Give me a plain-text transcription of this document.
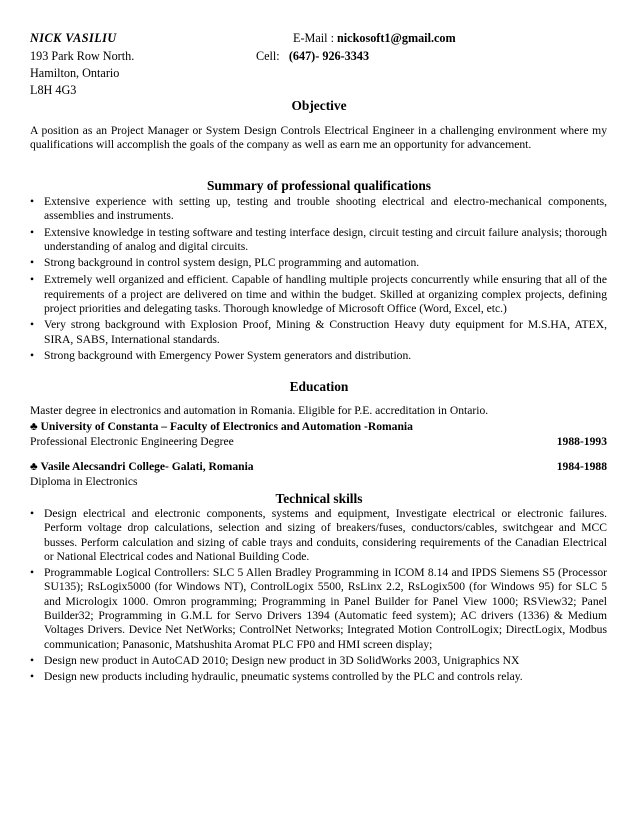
NICK VASILIU	E-Mail : nickosoft1@gmail.com
193 Park Row North.	Cell: (647)- 926-3343
Hamilton, Ontario
L8H 4G3
Objective
A position as an Project Manager or System Design Controls Electrical Engineer in a challenging environment where my qualifications will accomplish the goals of the company as well as earn me an opportunity for advancement.
Summary of professional qualifications
• Extensive experience with setting up, testing and trouble shooting electrical and electro-mechanical components, assemblies and instruments.
• Extensive knowledge in testing software and testing interface design, circuit testing and circuit failure analysis; thorough understanding of analog and digital circuits.
• Strong background in control system design, PLC programming and automation.
• Extremely well organized and efficient. Capable of handling multiple projects concurrently while ensuring that all of the requirements of a project are delivered on time and within the budget. Skilled at organizing complex projects, defining project priorities and delegating tasks. Thorough knowledge of Microsoft Office (Word, Excel, etc.)
• Very strong background with Explosion Proof, Mining & Construction Heavy duty equipment for M.S.HA, ATEX, SIRA, SABS, International standards.
• Strong background with Emergency Power System generators and distribution.
Education
Master degree in electronics and automation in Romania. Eligible for P.E. accreditation in Ontario.
♣ University of Constanta – Faculty of Electronics and Automation -Romania
Professional Electronic Engineering Degree	1988-1993
♣ Vasile Alecsandri College- Galati, Romania	1984-1988
Diploma in Electronics
Technical skills
• Design electrical and electronic components, systems and equipment, Investigate electrical or electronic failures. Perform voltage drop calculations, selection and sizing of breakers/fuses, conductors/cables, switchgear and MCC busses. Perform calculation and sizing of cable trays and conduits, considering requirements of the Canadian Electrical or National Electrical codes and National Building Code.
• Programmable Logical Controllers: SLC 5 Allen Bradley Programming in ICOM 8.14 and IPDS Siemens S5 (Processor SU135); RsLogix5000 (for Windows NT), ControlLogix 5500, RsLinx 2.2, RsLogix500 (for Windows 95) for SLC 5 and Micrologix 1000. Omron programming; Programming in Panel Builder for Panel View 1000; RSView32; Panel Builder32; Programming in G.M.L for Servo Drivers 1394 (Automatic feed system); AC drivers (1336) & Medium Voltages Drivers. Device Net NetWorks; ControlNet Networks; Integrated Motion ControlLogix; DirectLogix, Modbus communication; Panasonic, Matshushita Aromat PLC FP0 and HMI screen display;
• Design new product in AutoCAD 2010; Design new product in 3D SolidWorks 2003, Unigraphics NX
• Design new products including hydraulic, pneumatic systems controlled by the PLC and controls relay.
